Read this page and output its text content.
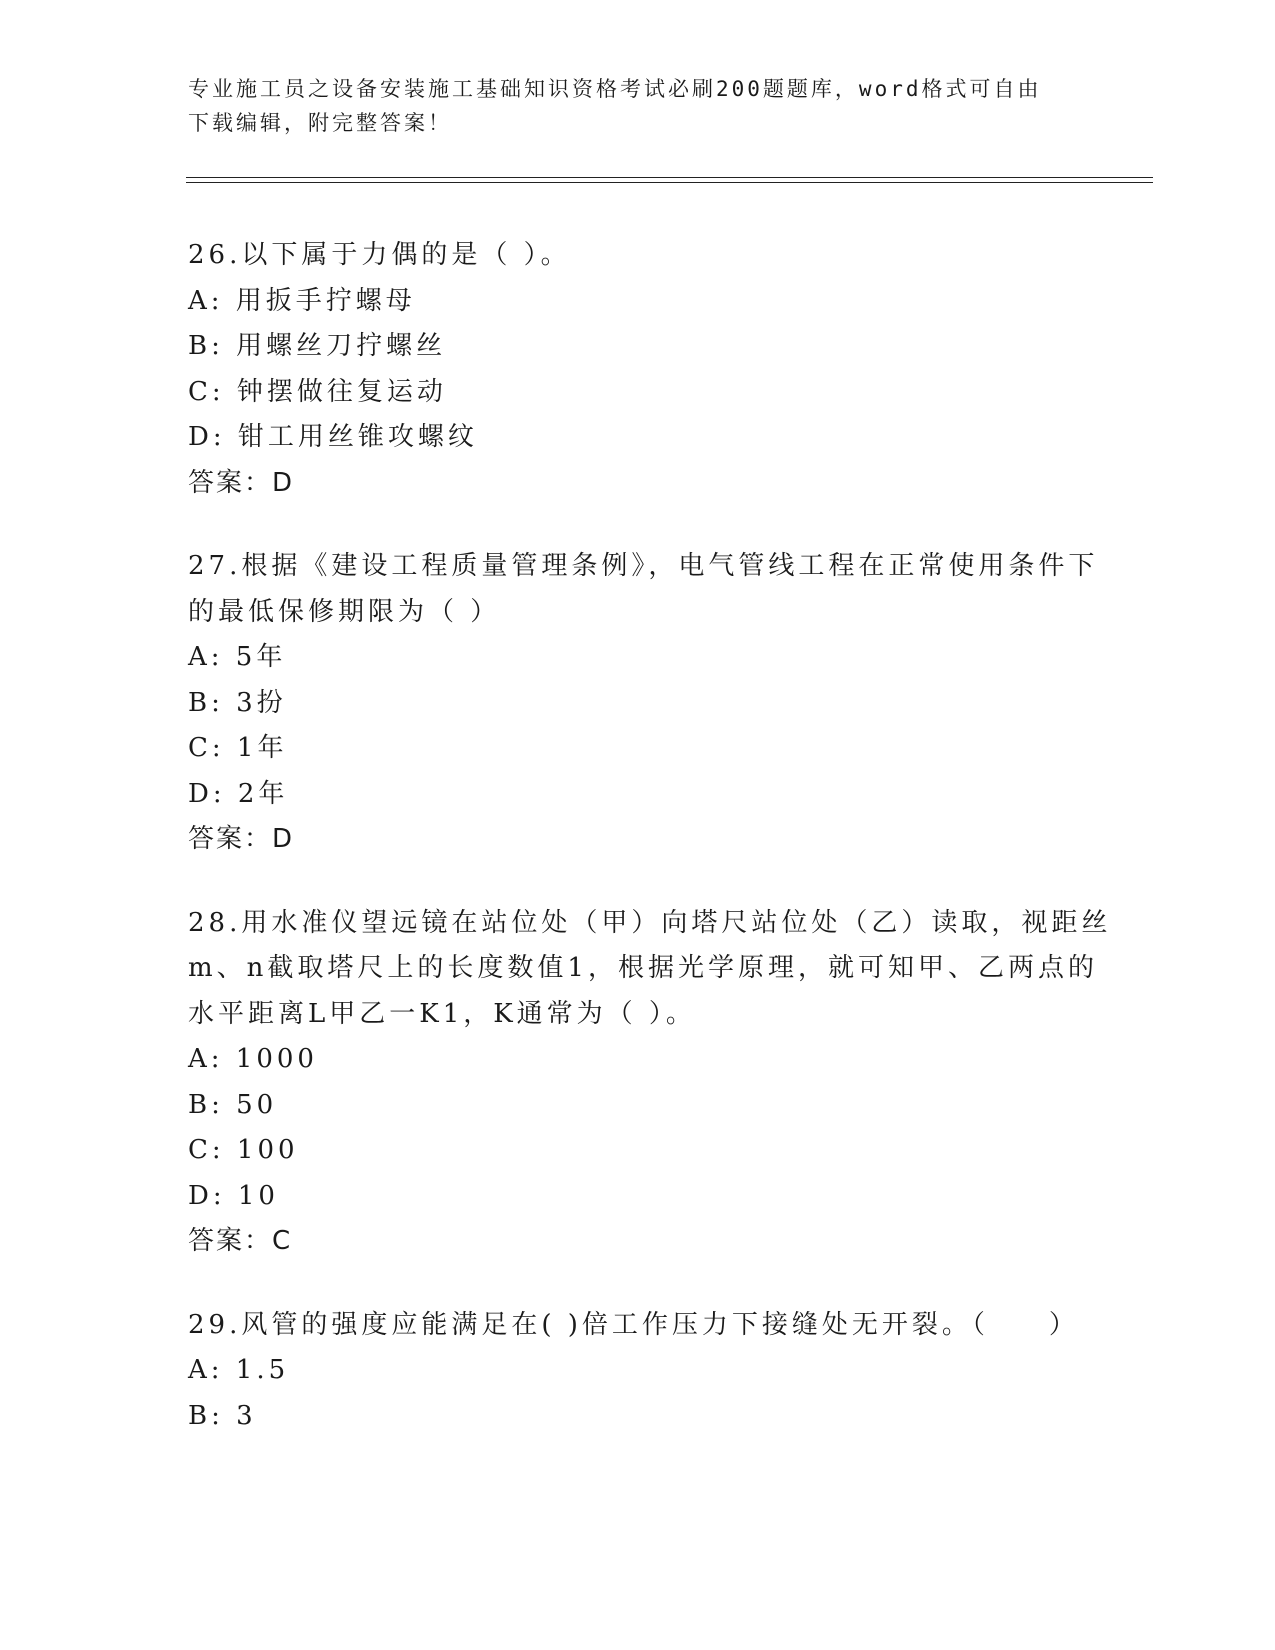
专业施工员之设备安装施工基础知识资格考试必刷200题题库，word格式可自由
下载编辑，附完整答案！
26.以下属于力偶的是（ ）。
A: 用扳手拧螺母
B: 用螺丝刀拧螺丝
C: 钟摆做往复运动
D: 钳工用丝锥攻螺纹
答案：D
27.根据《建设工程质量管理条例》，电气管线工程在正常使用条件下
的最低保修期限为（ ）
A: 5年
B: 3扮
C: 1年
D: 2年
答案：D
28.用水准仪望远镜在站位处（甲）向塔尺站位处（乙）读取，视距丝
m、n截取塔尺上的长度数值1，根据光学原理，就可知甲、乙两点的
水平距离L甲乙一K1，K通常为（ ）。
A: 1000
B: 50
C: 100
D: 10
答案：C
29.风管的强度应能满足在( )倍工作压力下接缝处无开裂。（　　）
A: 1.5
B: 3
